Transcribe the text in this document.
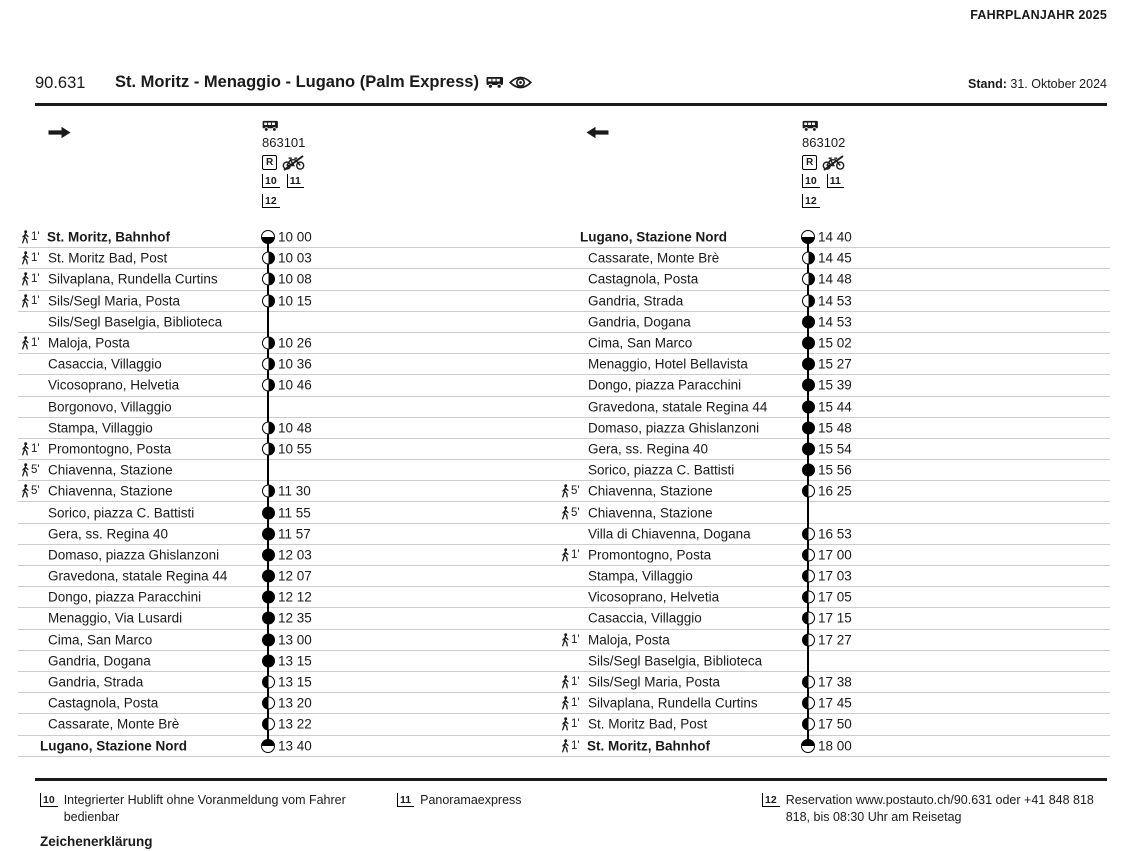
FAHRPLANJAHR 2025
90.631 St. Moritz - Menaggio - Lugano (Palm Express)	Stand: 31. Oktober 2024
863101
R
10 11
12
863102
R
10 11
12
1' St. Moritz, Bahnhof	10 00
1' St. Moritz Bad, Post	10 03
1' Silvaplana, Rundella Curtins	10 08
1' Sils/Segl Maria, Posta	10 15
Sils/Segl Baselgia, Biblioteca
1' Maloja, Posta	10 26
Casaccia, Villaggio	10 36
Vicosoprano, Helvetia	10 46
Borgonovo, Villaggio
Stampa, Villaggio	10 48
1' Promontogno, Posta	10 55
5' Chiavenna, Stazione
5' Chiavenna, Stazione	11 30
Sorico, piazza C. Battisti	11 55
Gera, ss. Regina 40	11 57
Domaso, piazza Ghislanzoni	12 03
Gravedona, statale Regina 44	12 07
Dongo, piazza Paracchini	12 12
Menaggio, Via Lusardi	12 35
Cima, San Marco	13 00
Gandria, Dogana	13 15
Gandria, Strada	13 15
Castagnola, Posta	13 20
Cassarate, Monte Brè	13 22
Lugano, Stazione Nord	13 40
Lugano, Stazione Nord	14 40
Cassarate, Monte Brè	14 45
Castagnola, Posta	14 48
Gandria, Strada	14 53
Gandria, Dogana	14 53
Cima, San Marco	15 02
Menaggio, Hotel Bellavista	15 27
Dongo, piazza Paracchini	15 39
Gravedona, statale Regina 44	15 44
Domaso, piazza Ghislanzoni	15 48
Gera, ss. Regina 40	15 54
Sorico, piazza C. Battisti	15 56
5' Chiavenna, Stazione	16 25
5' Chiavenna, Stazione
Villa di Chiavenna, Dogana	16 53
1' Promontogno, Posta	17 00
Stampa, Villaggio	17 03
Vicosoprano, Helvetia	17 05
Casaccia, Villaggio	17 15
1' Maloja, Posta	17 27
Sils/Segl Baselgia, Biblioteca
1' Sils/Segl Maria, Posta	17 38
1' Silvaplana, Rundella Curtins	17 45
1' St. Moritz Bad, Post	17 50
1' St. Moritz, Bahnhof	18 00
10 Integrierter Hublift ohne Voranmeldung vom Fahrer bedienbar
11 Panoramaexpress	12 Reservation www.postauto.ch/90.631 oder +41 848 818 818, bis 08:30 Uhr am Reisetag
Zeichenerklärung
